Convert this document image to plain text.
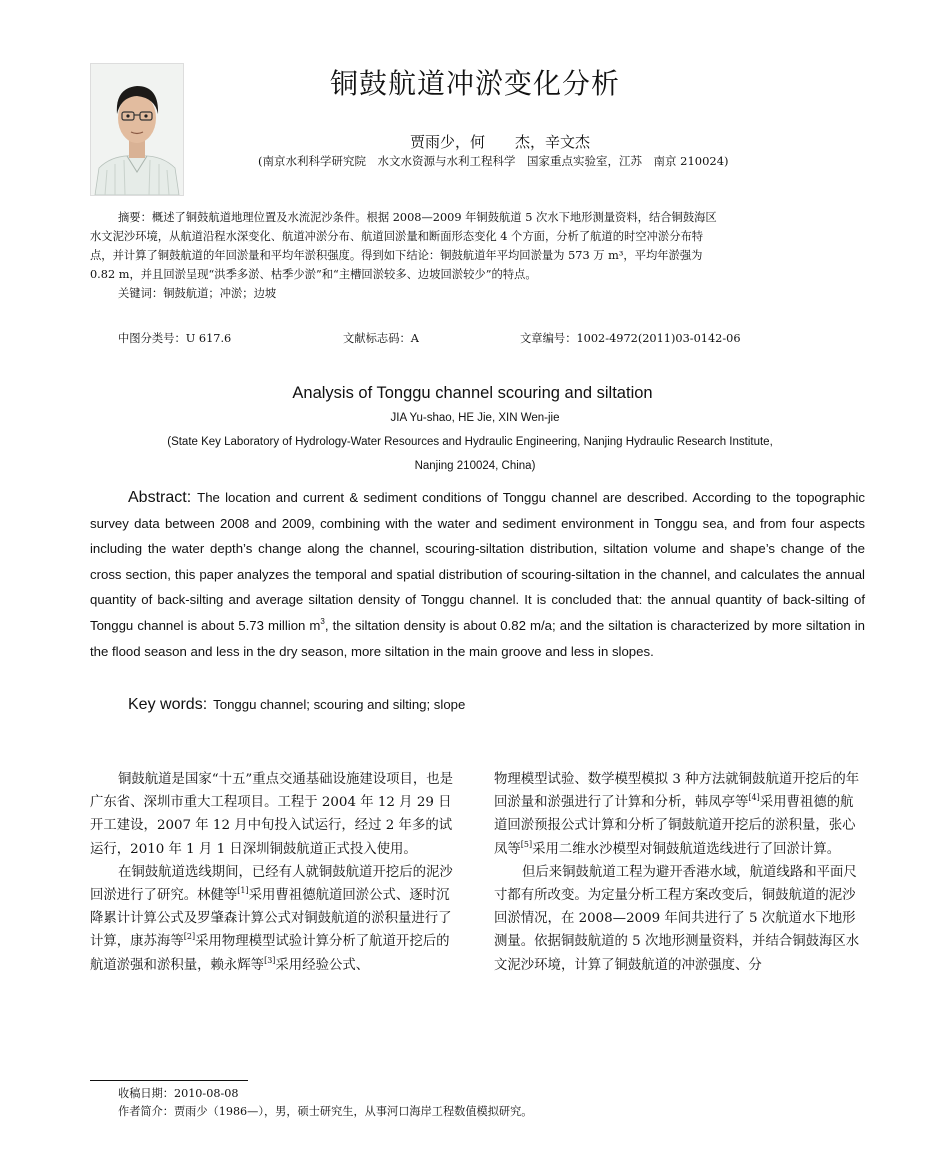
铜鼓航道冲淤变化分析
贾雨少，何　　杰，辛文杰
(南京水利科学研究院　水文水资源与水利工程科学　国家重点实验室，江苏　南京 210024)

摘要：概述了铜鼓航道地理位置及水流泥沙条件。根据 2008—2009 年铜鼓航道 5 次水下地形测量资料，结合铜鼓海区

水文泥沙环境，从航道沿程水深变化、航道冲淤分布、航道回淤量和断面形态变化 4 个方面，分析了航道的时空冲淤分布特

点，并计算了铜鼓航道的年回淤量和平均年淤积强度。得到如下结论：铜鼓航道年平均回淤量为 573 万 m³，平均年淤强为

0.82 m，并且回淤呈现“洪季多淤、枯季少淤”和“主槽回淤较多、边坡回淤较少”的特点。

关键词：铜鼓航道；冲淤；边坡

中图分类号：U 617.6	文献标志码：A	文章编号：1002-4972(2011)03-0142-06
Analysis of Tonggu channel scouring and siltation
JIA Yu-shao, HE Jie, XIN Wen-jie
(State Key Laboratory of Hydrology-Water Resources and Hydraulic Engineering, Nanjing Hydraulic Research Institute,
Nanjing 210024, China)
Abstract: The location and current & sediment conditions of Tonggu channel are described. According to the topographic survey data between 2008 and 2009, combining with the water and sediment environment in Tonggu sea, and from four aspects including the water depth’s change along the channel, scouring-siltation distribution, siltation volume and shape’s change of the cross section, this paper analyzes the temporal and spatial distribution of scouring-siltation in the channel, and calculates the annual quantity of back-silting and average siltation density of Tonggu channel. It is concluded that: the annual quantity of back-silting of Tonggu channel is about 5.73 million $m^3$, the siltation density is about 0.82 m/a; and the siltation is characterized by more siltation in the flood season and less in the dry season, more siltation in the main groove and less in slopes.
Key words: Tonggu channel; scouring and silting; slope

铜鼓航道是国家“十五”重点交通基础设施建设项目，也是广东省、深圳市重大工程项目。工程于 2004 年 12 月 29 日开工建设，2007 年 12 月中旬投入试运行，经过 2 年多的试运行，2010 年 1 月 1 日深圳铜鼓航道正式投入使用。

在铜鼓航道选线期间，已经有人就铜鼓航道开挖后的泥沙回淤进行了研究。林健等[1]采用曹祖德航道回淤公式、逐时沉降累计计算公式及罗肇森计算公式对铜鼓航道的淤积量进行了计算，康苏海等[2]采用物理模型试验计算分析了航道开挖后的航道淤强和淤积量，赖永辉等[3]采用经验公式、

物理模型试验、数学模型模拟 3 种方法就铜鼓航道开挖后的年回淤量和淤强进行了计算和分析，韩凤亭等[4]采用曹祖德的航道回淤预报公式计算和分析了铜鼓航道开挖后的淤积量，张心凤等[5]采用二维水沙模型对铜鼓航道选线进行了回淤计算。

但后来铜鼓航道工程为避开香港水域，航道线路和平面尺寸都有所改变。为定量分析工程方案改变后，铜鼓航道的泥沙回淤情况，在 2008—2009 年间共进行了 5 次航道水下地形测量。依据铜鼓航道的 5 次地形测量资料，并结合铜鼓海区水文泥沙环境，计算了铜鼓航道的冲淤强度、分

收稿日期：2010-08-08

作者简介：贾雨少（1986—），男，硕士研究生，从事河口海岸工程数值模拟研究。
